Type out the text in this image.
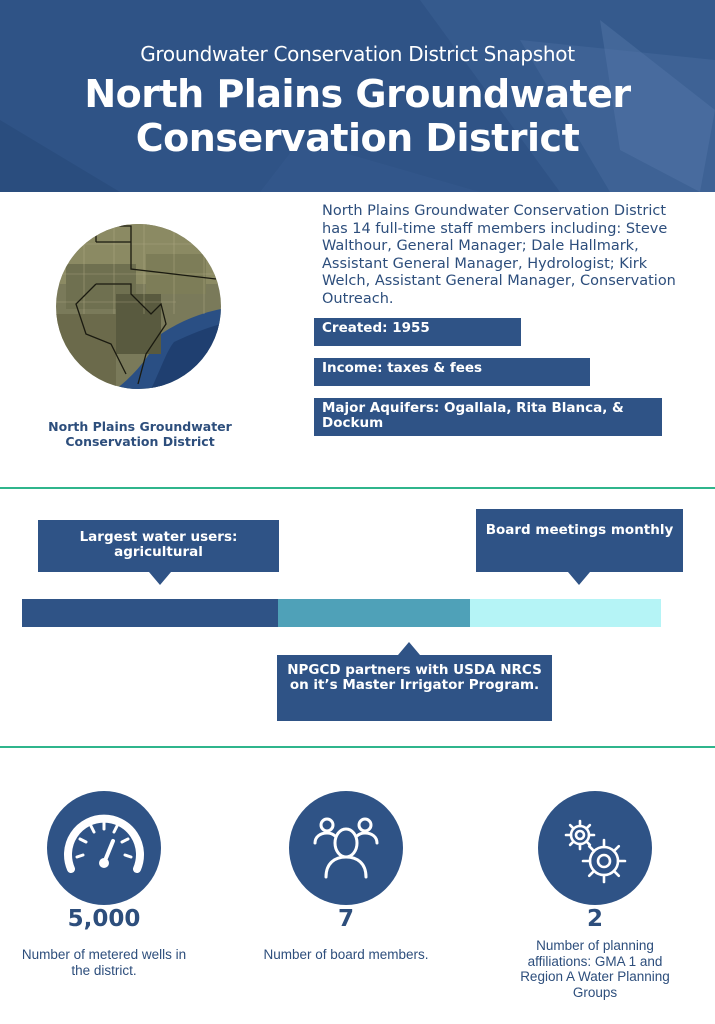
Groundwater Conservation District Snapshot
North Plains Groundwater
Conservation District
North Plains Groundwater Conservation District
North Plains Groundwater Conservation District has 14 full-time staff members including: Steve Walthour, General Manager; Dale Hallmark, Assistant General Manager, Hydrologist; Kirk Welch, Assistant General Manager, Conservation Outreach.
Created: 1955
Income: taxes & fees
Major Aquifers: Ogallala, Rita Blanca, & Dockum
Largest water users: agricultural
Board meetings monthly
NPGCD partners with USDA NRCS on it’s Master Irrigator Program.
5,000
Number of metered wells in the district.
7
Number of board members.
2
Number of planning affiliations: GMA 1 and Region A Water Planning Groups
